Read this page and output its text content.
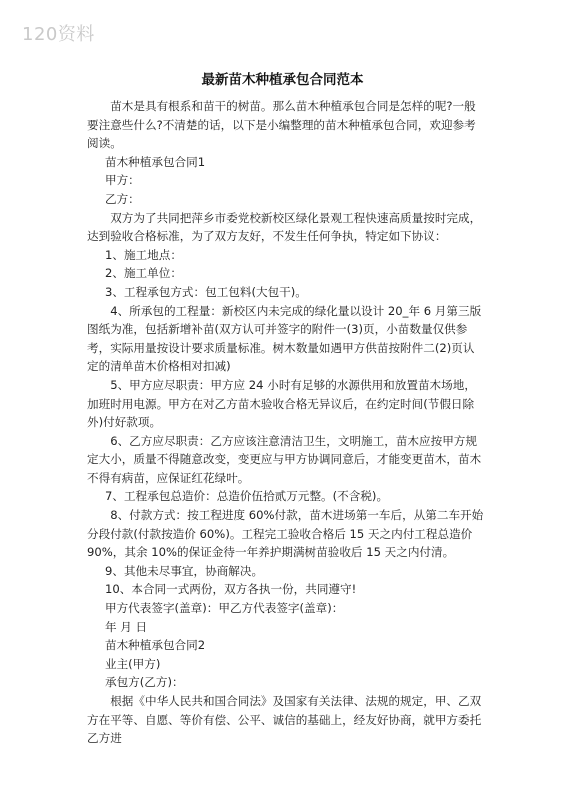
120资料
最新苗木种植承包合同范本

苗木是具有根系和苗干的树苗。那么苗木种植承包合同是怎样的呢?一般要注意些什么?不清楚的话，以下是小编整理的苗木种植承包合同，欢迎参考阅读。

苗木种植承包合同1

甲方：

乙方：

双方为了共同把萍乡市委党校新校区绿化景观工程快速高质量按时完成，达到验收合格标准，为了双方友好，不发生任何争执，特定如下协议：

1、施工地点：

2、施工单位：

3、工程承包方式：包工包料(大包干)。

4、所承包的工程量：新校区内未完成的绿化量以设计 20_年 6 月第三版图纸为准，包括新增补苗(双方认可并签字的附件一(3)页，小苗数量仅供参考，实际用量按设计要求质量标准。树木数量如遇甲方供苗按附件二(2)页认定的清单苗木价格相对扣减)

5、甲方应尽职责：甲方应 24 小时有足够的水源供用和放置苗木场地，加班时用电源。甲方在对乙方苗木验收合格无异议后，在约定时间(节假日除外)付好款项。

6、乙方应尽职责：乙方应该注意清洁卫生，文明施工，苗木应按甲方规定大小，质量不得随意改变，变更应与甲方协调同意后，才能变更苗木，苗木不得有病苗，应保证红花绿叶。

7、工程承包总造价：总造价伍拾贰万元整。(不含税)。

8、付款方式：按工程进度 60%付款，苗木进场第一车后，从第二车开始分段付款(付款按造价 60%)。工程完工验收合格后 15 天之内付工程总造价 90%，其余 10%的保证金待一年养护期满树苗验收后 15 天之内付清。

9、其他未尽事宜，协商解决。

10、本合同一式两份，双方各执一份，共同遵守!

甲方代表签字(盖章)：甲乙方代表签字(盖章)：

年 月 日

苗木种植承包合同2

业主(甲方)

承包方(乙方)：

根据《中华人民共和国合同法》及国家有关法律、法规的规定，甲、乙双方在平等、自愿、等价有偿、公平、诚信的基础上，经友好协商，就甲方委托乙方进
